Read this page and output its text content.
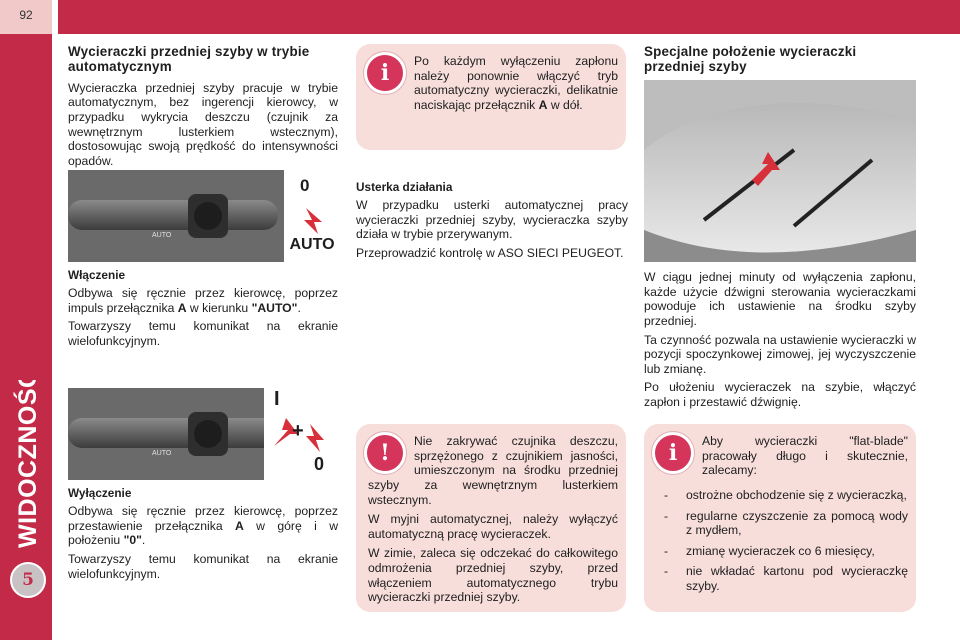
92
WIDOCZNOŚĆ
5
Wycieraczki przedniej szyby w trybie automatycznym

Wycieraczka przedniej szyby pracuje w trybie automatycznym, bez ingerencji kierowcy, w przypadku wykrycia deszczu (czujnik za wewnętrznym lusterkiem wstecznym), dostosowując swoją prędkość do intensywności opadów.

0
AUTO
AUTO

Włączenie

Odbywa się ręcznie przez kierowcę, poprzez impuls przełącznika A w kierunku "AUTO".

Towarzyszy temu komunikat na ekranie wielofunkcyjnym.

I
+
0
AUTO

Wyłączenie

Odbywa się ręcznie przez kierowcę, poprzez przestawienie przełącznika A w górę i w położeniu "0".

Towarzyszy temu komunikat na ekranie wielofunkcyjnym.

i	Po każdym wyłączeniu zapłonu należy ponownie włączyć tryb automatyczny wycieraczki, delikatnie naciskając przełącznik A w dół.

Usterka działania

W przypadku usterki automatycznej pracy wycieraczki przedniej szyby, wycieraczka szyby działa w trybie przerywanym.

Przeprowadzić kontrolę w ASO SIECI PEUGEOT.

!	Nie zakrywać czujnika deszczu, sprzężonego z czujnikiem jasności, umieszczonym na środku przedniej szyby za wewnętrznym lusterkiem wstecznym.

W myjni automatycznej, należy wyłączyć automatyczną pracę wycieraczek.

W zimie, zaleca się odczekać do całkowitego odmrożenia przedniej szyby, przed włączeniem automatycznego trybu wycieraczki przedniej szyby.

Specjalne położenie wycieraczki przedniej szyby

W ciągu jednej minuty od wyłączenia zapłonu, każde użycie dźwigni sterowania wycieraczkami powoduje ich ustawienie na środku szyby przedniej.

Ta czynność pozwala na ustawienie wycieraczki w pozycji spoczynkowej zimowej, jej wyczyszczenie lub zmianę.

Po ułożeniu wycieraczek na szybie, włączyć zapłon i przestawić dźwignię.

i	Aby wycieraczki "flat-blade" pracowały długo i skutecznie, zalecamy:

- ostrożne obchodzenie się z wycieraczką,
- regularne czyszczenie za pomocą wody z mydłem,
- zmianę wycieraczek co 6 miesięcy,
- nie wkładać kartonu pod wycieraczkę szyby.
